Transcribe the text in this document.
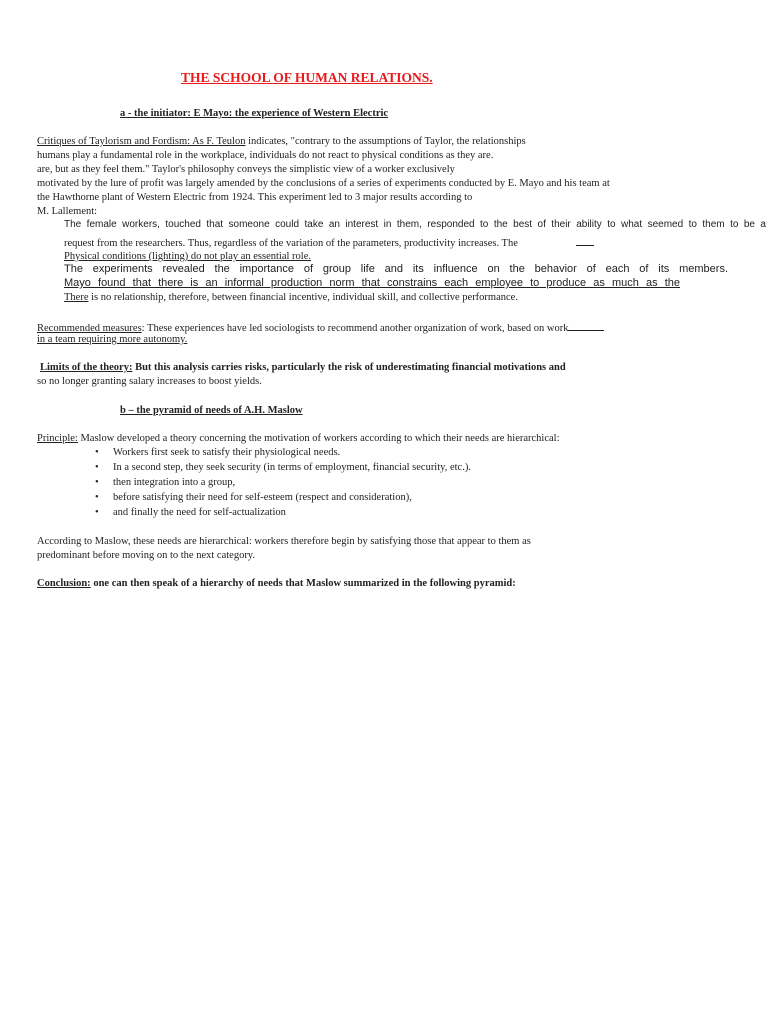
THE SCHOOL OF HUMAN RELATIONS.
a - the initiator: E Mayo: the experience of Western Electric
Critiques of Taylorism and Fordism: As F. Teulon indicates, "contrary to the assumptions of Taylor, the relationships
humans play a fundamental role in the workplace, individuals do not react to physical conditions as they are.
are, but as they feel them." Taylor's philosophy conveys the simplistic view of a worker exclusively
motivated by the lure of profit was largely amended by the conclusions of a series of experiments conducted by E. Mayo and his team at
the Hawthorne plant of Western Electric from 1924. This experiment led to 3 major results according to
M. Lallement:
The female workers, touched that someone could take an interest in them, responded to the best of their ability to what seemed to them to be a
request from the researchers. Thus, regardless of the variation of the parameters, productivity increases. The
Physical conditions (lighting) do not play an essential role.
The experiments revealed the importance of group life and its influence on the behavior of each of its members.
Mayo found that there is an informal production norm that constrains each employee to produce as much as the
There is no relationship, therefore, between financial incentive, individual skill, and collective performance.
Recommended measures: These experiences have led sociologists to recommend another organization of work, based on work
in a team requiring more autonomy.
Limits of the theory: But this analysis carries risks, particularly the risk of underestimating financial motivations and
so no longer granting salary increases to boost yields.
b – the pyramid of needs of A.H. Maslow
Principle: Maslow developed a theory concerning the motivation of workers according to which their needs are hierarchical:
• Workers first seek to satisfy their physiological needs.
• In a second step, they seek security (in terms of employment, financial security, etc.).
• then integration into a group,
• before satisfying their need for self-esteem (respect and consideration),
• and finally the need for self-actualization
According to Maslow, these needs are hierarchical: workers therefore begin by satisfying those that appear to them as
predominant before moving on to the next category.
Conclusion: one can then speak of a hierarchy of needs that Maslow summarized in the following pyramid:
